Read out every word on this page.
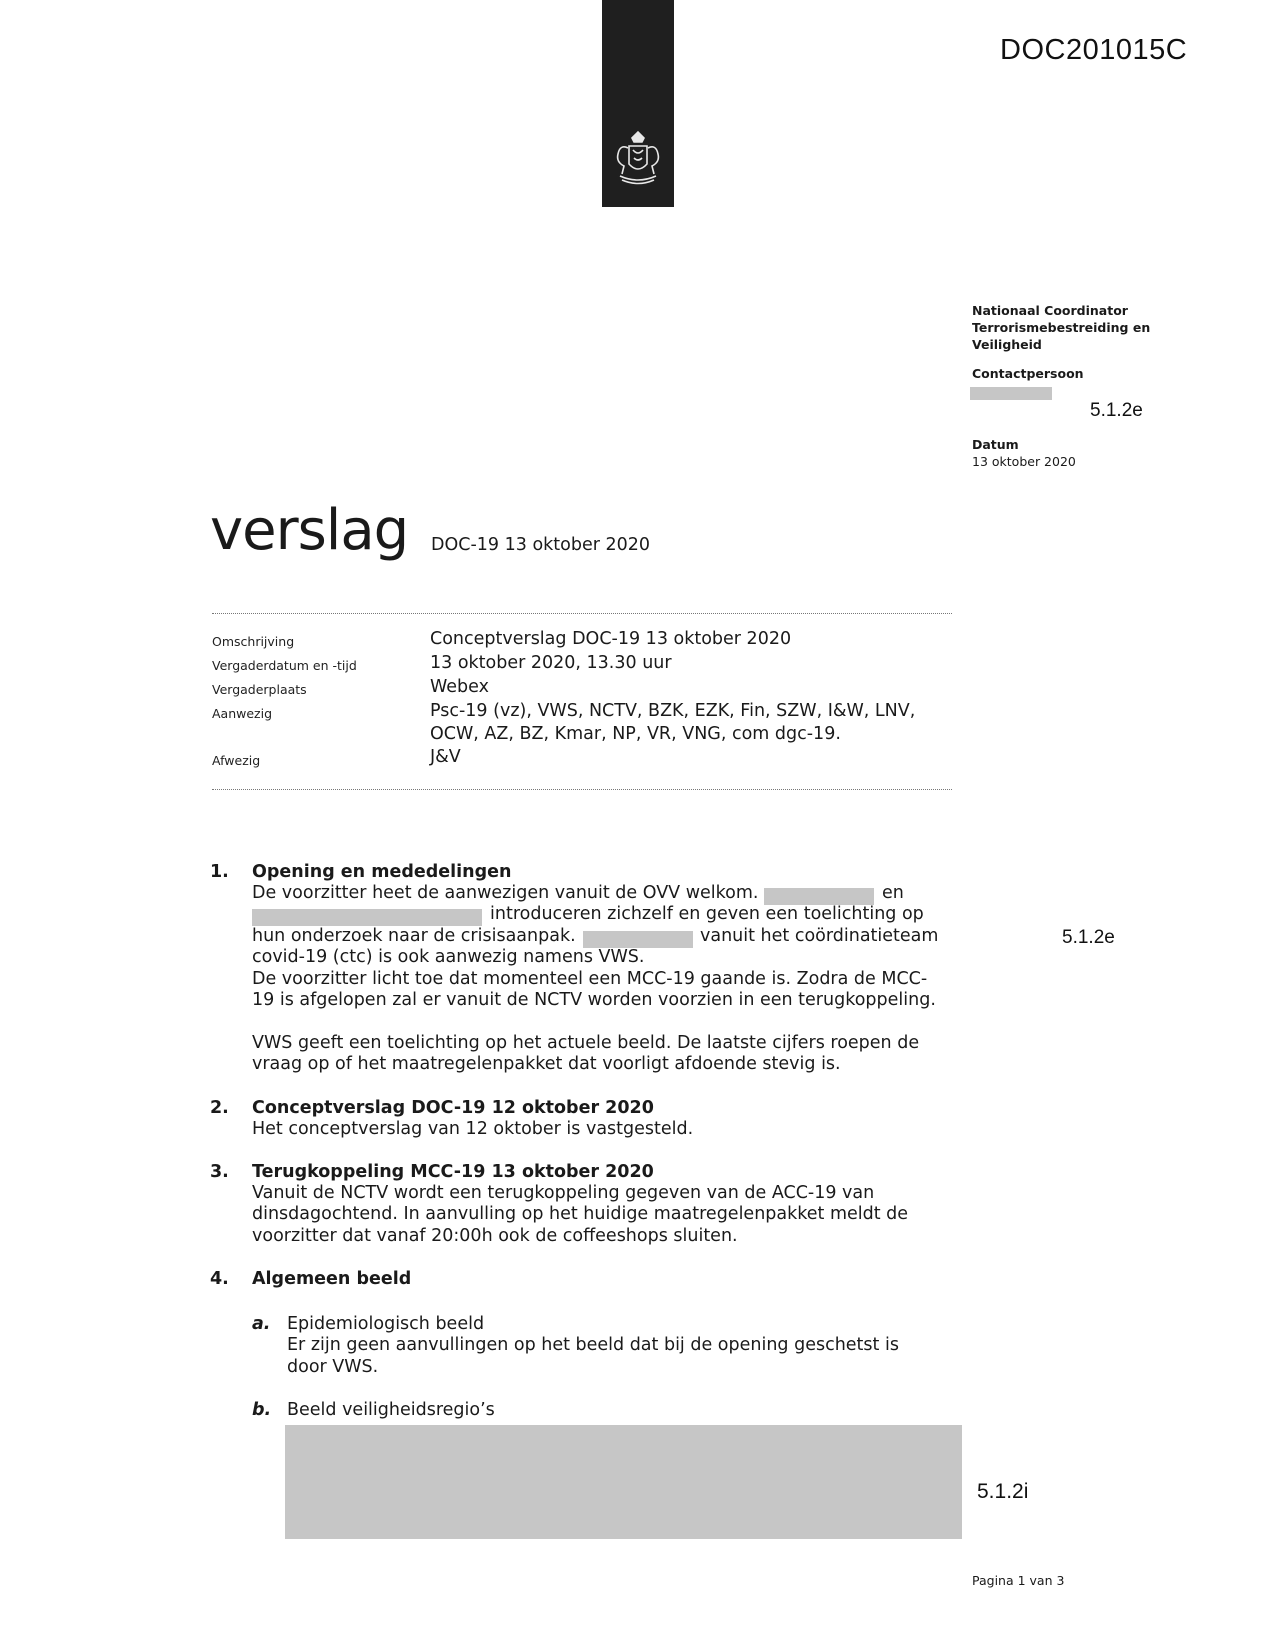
DOC201015C
Nationaal Coordinator
Terrorismebestreiding en
Veiligheid
Contactpersoon
5.1.2e
Datum
13 oktober 2020
verslag DOC-19 13 oktober 2020
Omschrijving	Conceptverslag DOC-19 13 oktober 2020
Vergaderdatum en -tijd	13 oktober 2020, 13.30 uur
Vergaderplaats	Webex
Aanwezig	Psc-19 (vz), VWS, NCTV, BZK, EZK, Fin, SZW, I&W, LNV,
OCW, AZ, BZ, Kmar, NP, VR, VNG, com dgc-19.
Afwezig	J&V
1. Opening en mededelingen
De voorzitter heet de aanwezigen vanuit de OVV welkom.	en
introduceren zichzelf en geven een toelichting op
hun onderzoek naar de crisisaanpak.	vanuit het coördinatieteam	5.1.2e
covid-19 (ctc) is ook aanwezig namens VWS.
De voorzitter licht toe dat momenteel een MCC-19 gaande is. Zodra de MCC-
19 is afgelopen zal er vanuit de NCTV worden voorzien in een terugkoppeling.
VWS geeft een toelichting op het actuele beeld. De laatste cijfers roepen de
vraag op of het maatregelenpakket dat voorligt afdoende stevig is.
2. Conceptverslag DOC-19 12 oktober 2020
Het conceptverslag van 12 oktober is vastgesteld.
3. Terugkoppeling MCC-19 13 oktober 2020
Vanuit de NCTV wordt een terugkoppeling gegeven van de ACC-19 van
dinsdagochtend. In aanvulling op het huidige maatregelenpakket meldt de
voorzitter dat vanaf 20:00h ook de coffeeshops sluiten.
4. Algemeen beeld
a. Epidemiologisch beeld
Er zijn geen aanvullingen op het beeld dat bij de opening geschetst is
door VWS.
b. Beeld veiligheidsregio’s
5.1.2i
Pagina 1 van 3
